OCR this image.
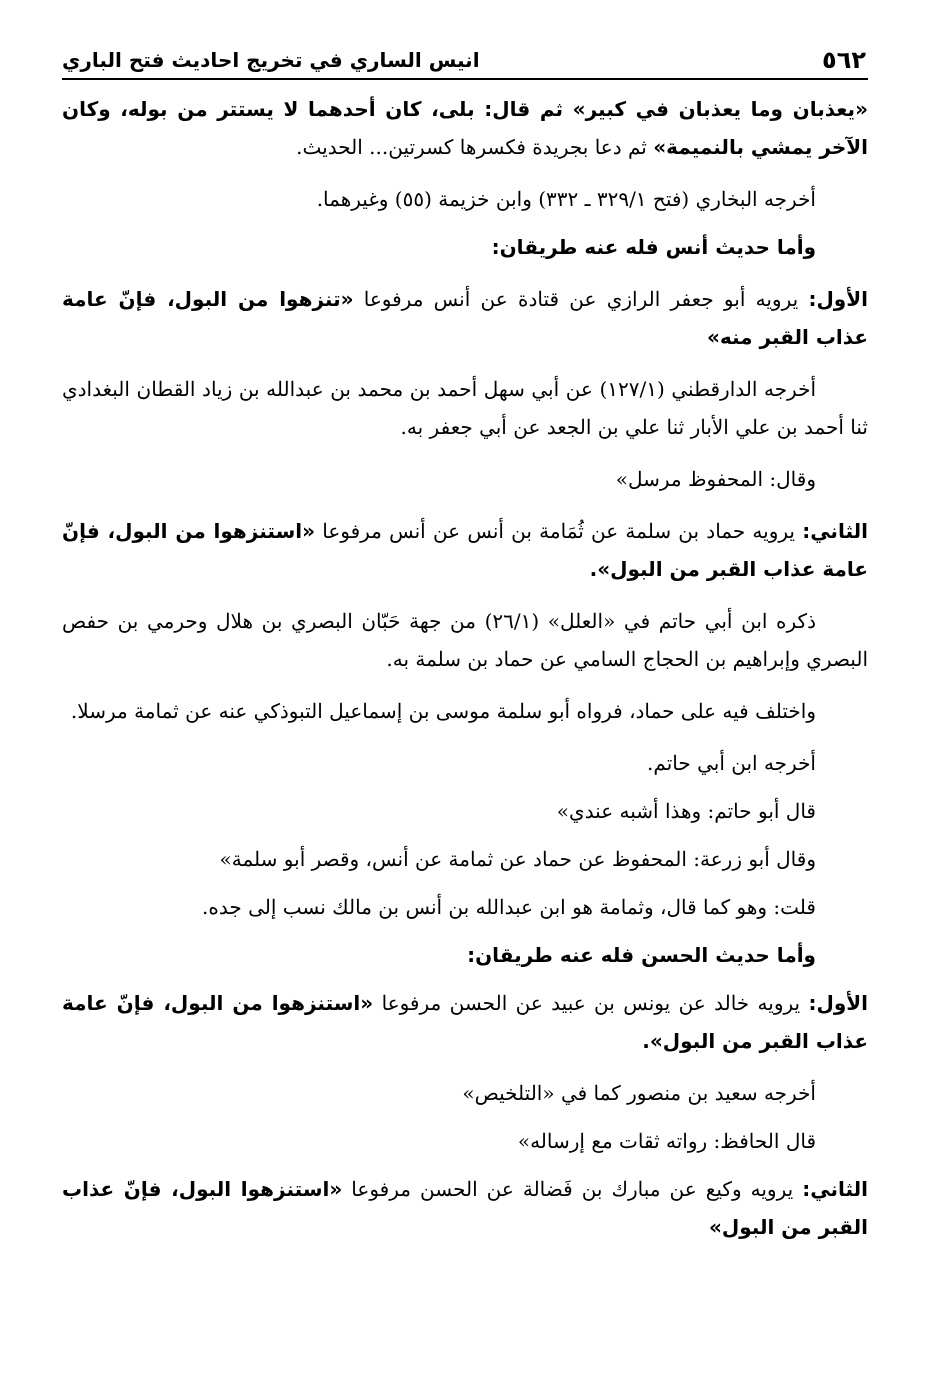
٥٦٢
انيس الساري في تخريج احاديث فتح الباري

«يعذبان وما يعذبان في كبير» ثم قال: بلى، كان أحدهما لا يستتر من بوله، وكان الآخر يمشي بالنميمة» ثم دعا بجريدة فكسرها كسرتين... الحديث.

أخرجه البخاري (فتح ٣٢٩/١ ـ ٣٣٢) وابن خزيمة (٥٥) وغيرهما.

وأما حديث أنس فله عنه طريقان:

الأول: يرويه أبو جعفر الرازي عن قتادة عن أنس مرفوعا «تنزهوا من البول، فإنّ عامة عذاب القبر منه»

أخرجه الدارقطني (١٢٧/١) عن أبي سهل أحمد بن محمد بن عبدالله بن زياد القطان البغدادي ثنا أحمد بن علي الأبار ثنا علي بن الجعد عن أبي جعفر به.

وقال: المحفوظ مرسل»

الثاني: يرويه حماد بن سلمة عن ثُمَامة بن أنس عن أنس مرفوعا «استنزهوا من البول، فإنّ عامة عذاب القبر من البول».

ذكره ابن أبي حاتم في «العلل» (٢٦/١) من جهة حَبّان البصري بن هلال وحرمي بن حفص البصري وإبراهيم بن الحجاج السامي عن حماد بن سلمة به.

واختلف فيه على حماد، فرواه أبو سلمة موسى بن إسماعيل التبوذكي عنه عن ثمامة مرسلا.

أخرجه ابن أبي حاتم.

قال أبو حاتم: وهذا أشبه عندي»

وقال أبو زرعة: المحفوظ عن حماد عن ثمامة عن أنس، وقصر أبو سلمة»

قلت: وهو كما قال، وثمامة هو ابن عبدالله بن أنس بن مالك نسب إلى جده.

وأما حديث الحسن فله عنه طريقان:

الأول: يرويه خالد عن يونس بن عبيد عن الحسن مرفوعا «استنزهوا من البول، فإنّ عامة عذاب القبر من البول».

أخرجه سعيد بن منصور كما في «التلخيص»

قال الحافظ: رواته ثقات مع إرساله»

الثاني: يرويه وكيع عن مبارك بن فَضالة عن الحسن مرفوعا «استنزهوا البول، فإنّ عذاب القبر من البول»
